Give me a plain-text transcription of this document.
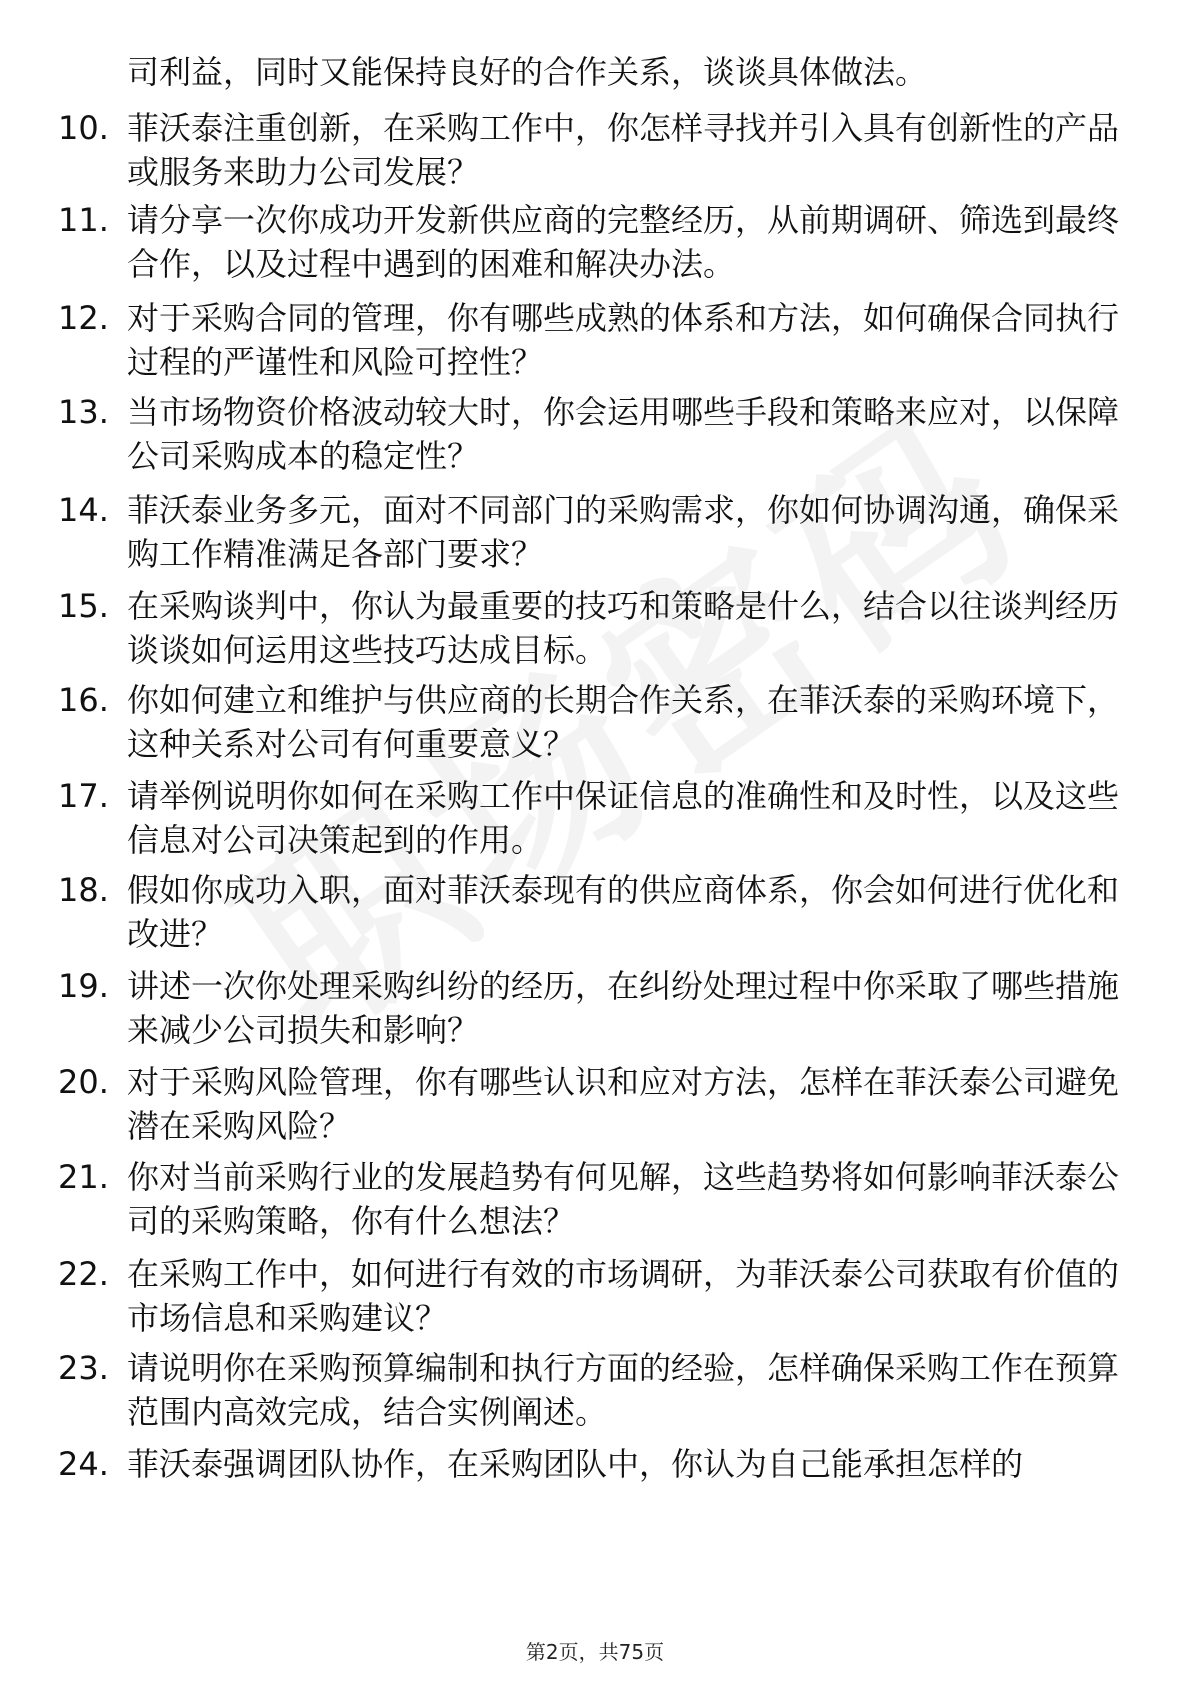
司利益，同时又能保持良好的合作关系，谈谈具体做法。
10. 菲沃泰注重创新，在采购工作中，你怎样寻找并引入具有创新性的产品或服务来助力公司发展？
11. 请分享一次你成功开发新供应商的完整经历，从前期调研、筛选到最终合作，以及过程中遇到的困难和解决办法。
12. 对于采购合同的管理，你有哪些成熟的体系和方法，如何确保合同执行过程的严谨性和风险可控性？
13. 当市场物资价格波动较大时，你会运用哪些手段和策略来应对，以保障公司采购成本的稳定性？
14. 菲沃泰业务多元，面对不同部门的采购需求，你如何协调沟通，确保采购工作精准满足各部门要求？
15. 在采购谈判中，你认为最重要的技巧和策略是什么，结合以往谈判经历谈谈如何运用这些技巧达成目标。
16. 你如何建立和维护与供应商的长期合作关系，在菲沃泰的采购环境下，这种关系对公司有何重要意义？
17. 请举例说明你如何在采购工作中保证信息的准确性和及时性，以及这些信息对公司决策起到的作用。
18. 假如你成功入职，面对菲沃泰现有的供应商体系，你会如何进行优化和改进？
19. 讲述一次你处理采购纠纷的经历，在纠纷处理过程中你采取了哪些措施来减少公司损失和影响？
20. 对于采购风险管理，你有哪些认识和应对方法，怎样在菲沃泰公司避免潜在采购风险？
21. 你对当前采购行业的发展趋势有何见解，这些趋势将如何影响菲沃泰公司的采购策略，你有什么想法？
22. 在采购工作中，如何进行有效的市场调研，为菲沃泰公司获取有价值的市场信息和采购建议？
23. 请说明你在采购预算编制和执行方面的经验，怎样确保采购工作在预算范围内高效完成，结合实例阐述。
24. 菲沃泰强调团队协作，在采购团队中，你认为自己能承担怎样的
第2页，共75页
